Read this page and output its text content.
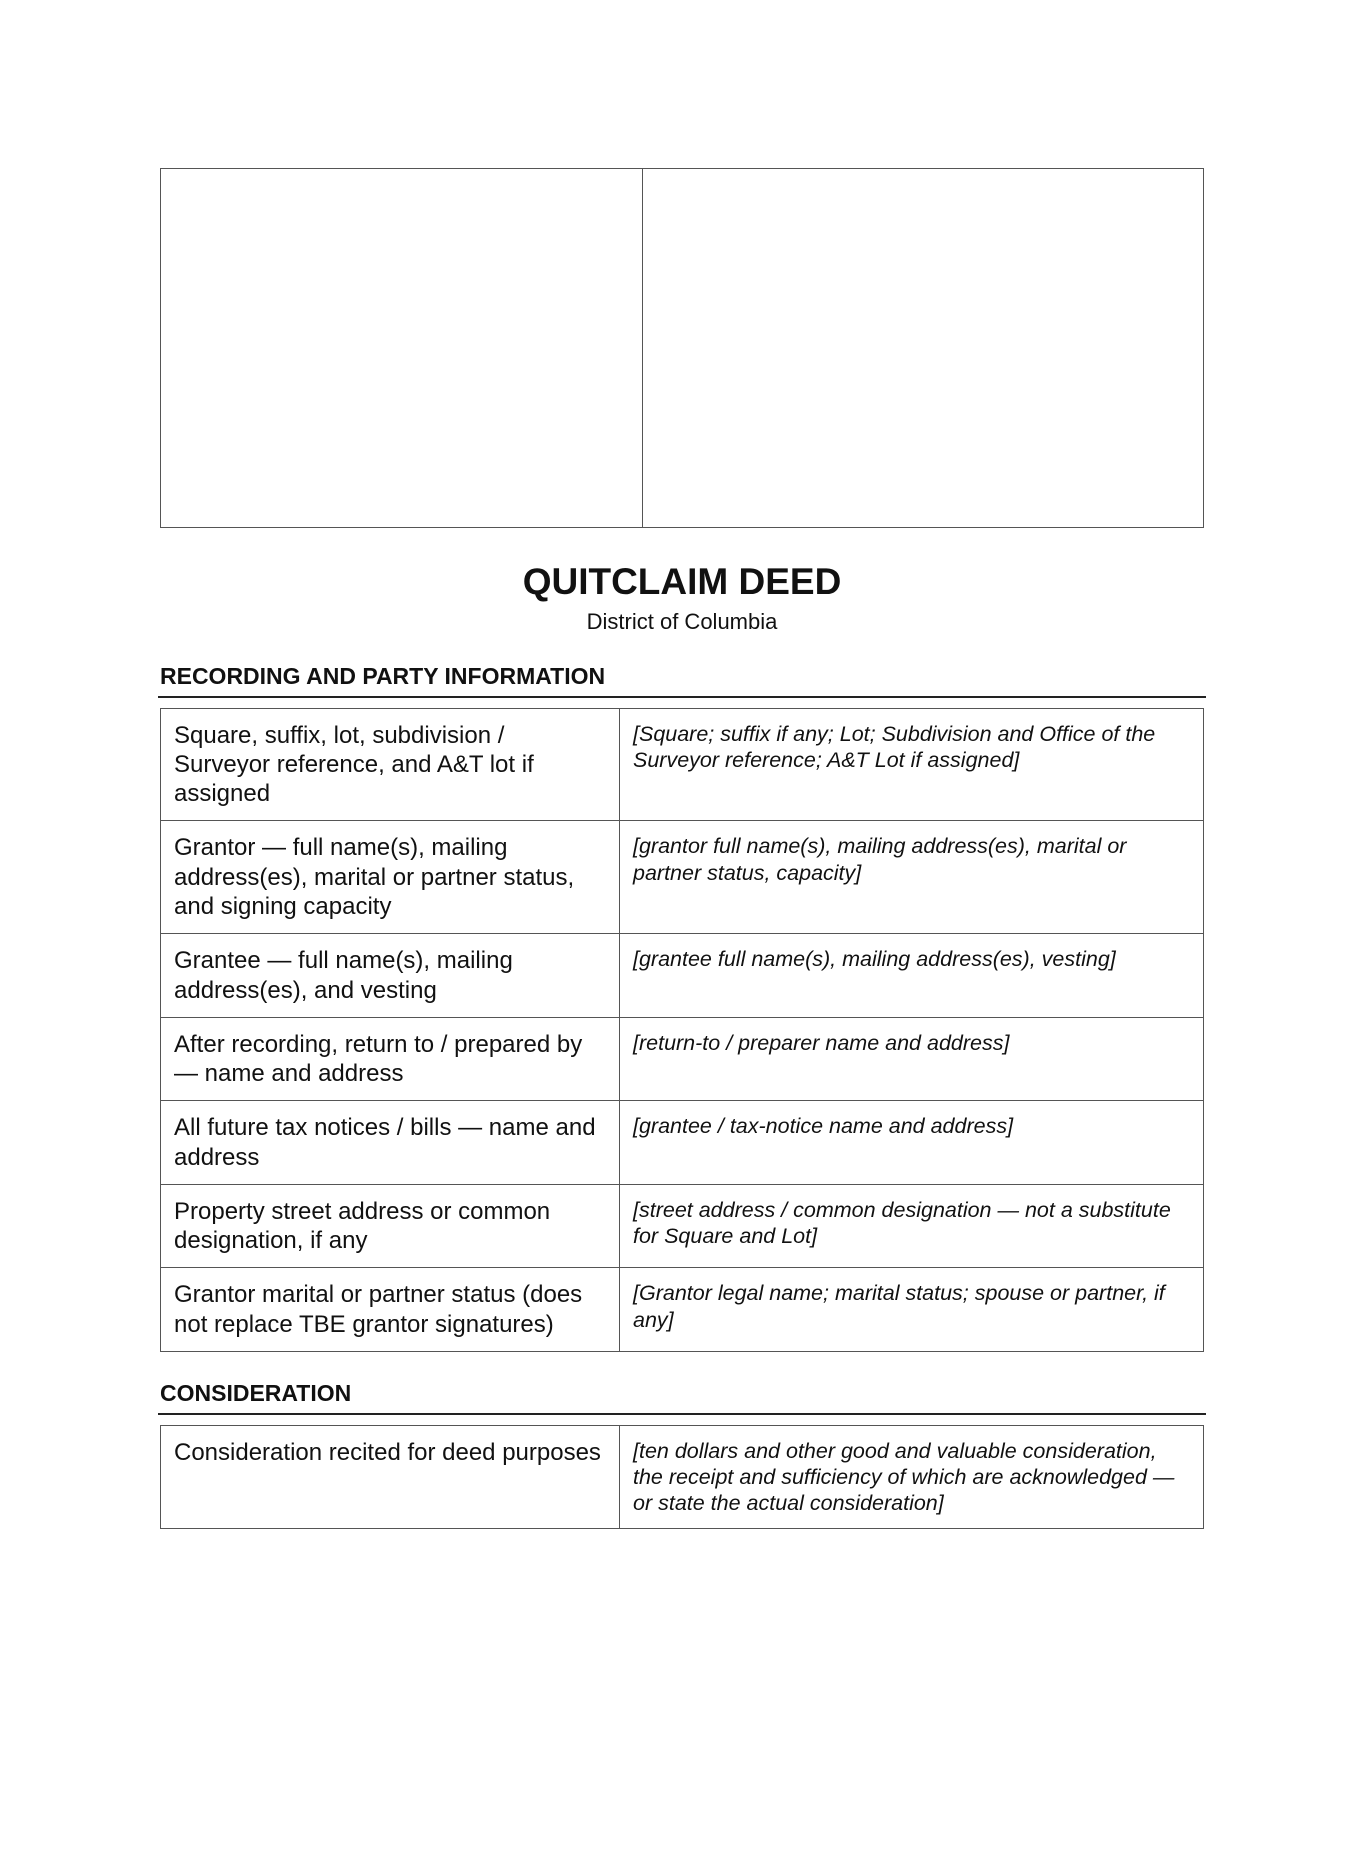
QUITCLAIM DEED
District of Columbia
RECORDING AND PARTY INFORMATION
Square, suffix, lot, subdivision / Surveyor reference, and A&T lot if assigned	[Square; suffix if any; Lot; Subdivision and Office of the Surveyor reference; A&T Lot if assigned]
Grantor — full name(s), mailing address(es), marital or partner status, and signing capacity	[grantor full name(s), mailing address(es), marital or partner status, capacity]
Grantee — full name(s), mailing address(es), and vesting	[grantee full name(s), mailing address(es), vesting]
After recording, return to / prepared by — name and address	[return-to / preparer name and address]
All future tax notices / bills — name and address	[grantee / tax-notice name and address]
Property street address or common designation, if any	[street address / common designation — not a substitute for Square and Lot]
Grantor marital or partner status (does not replace TBE grantor signatures)	[Grantor legal name; marital status; spouse or partner, if any]
CONSIDERATION
Consideration recited for deed purposes	[ten dollars and other good and valuable consideration, the receipt and sufficiency of which are acknowledged — or state the actual consideration]
